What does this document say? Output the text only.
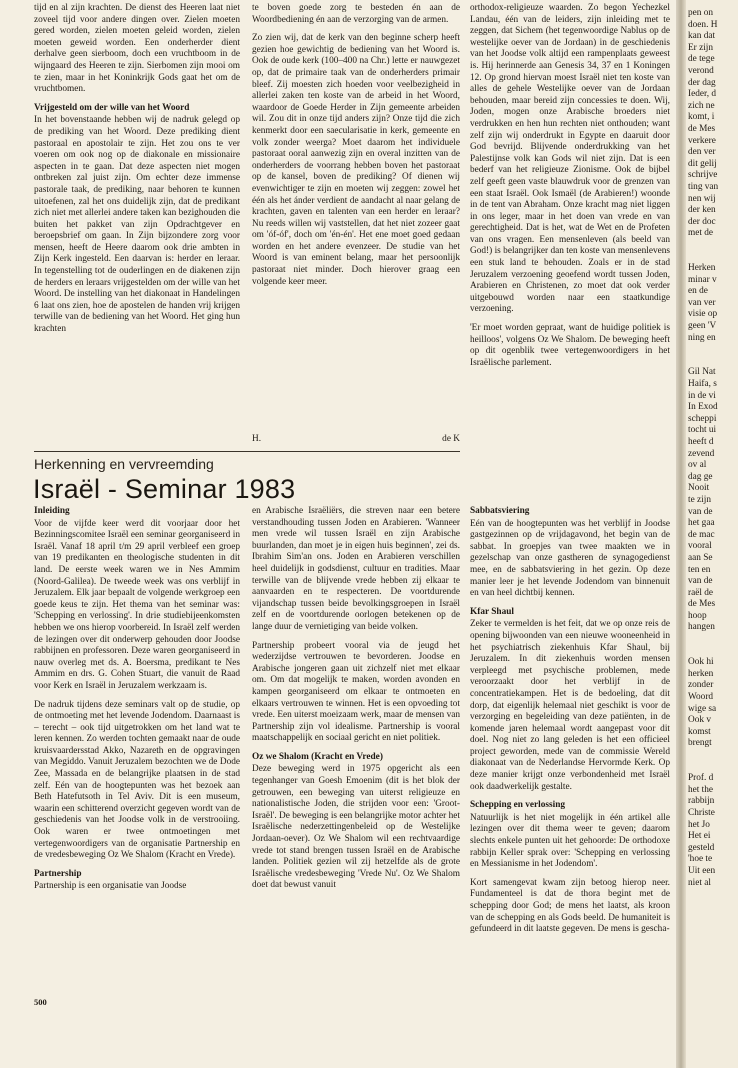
tijd en al zijn krachten. De dienst des Heeren laat niet zoveel tijd voor andere dingen over. Zielen moeten gered worden, zielen moeten geleid worden, zielen moeten geweid worden. Een onderherder dient derhalve geen sierboom, doch een vruchtboom in de wijngaard des Heeren te zijn. Sierbomen zijn mooi om te zien, maar in het Koninkrijk Gods gaat het om de vruchtbomen.

Vrijgesteld om der wille van het Woord

In het bovenstaande hebben wij de nadruk gelegd op de prediking van het Woord. Deze prediking dient pastoraal en apostolair te zijn. Het zou ons te ver voeren om ook nog op de diakonale en missionaire aspecten in te gaan. Dat deze aspecten niet mogen ontbreken zal juist zijn. Om echter deze immense pastorale taak, de prediking, naar behoren te kunnen uitoefenen, zal het ons duidelijk zijn, dat de predikant zich niet met allerlei andere taken kan bezighouden die buiten het pakket van zijn Opdrachtgever en beroepsbrief om gaan. In Zijn bijzondere zorg voor mensen, heeft de Heere daarom ook drie ambten in Zijn Kerk ingesteld. Een daarvan is: herder en leraar. In tegenstelling tot de ouderlingen en de diakenen zijn de herders en leraars vrijgestelden om der wille van het Woord. De instelling van het diakonaat in Handelingen 6 laat ons zien, hoe de apostelen de handen vrij krijgen terwille van de bediening van het Woord. Het ging hun krachten

te boven goede zorg te besteden én aan de Woordbediening én aan de verzorging van de armen.

Zo zien wij, dat de kerk van den beginne scherp heeft gezien hoe gewichtig de bediening van het Woord is. Ook de oude kerk (100–400 na Chr.) lette er nauwgezet op, dat de primaire taak van de onderherders primair bleef. Zij moesten zich hoeden voor veelbezigheid in allerlei zaken ten koste van de arbeid in het Woord, waardoor de Goede Herder in Zijn gemeente arbeiden wil. Zou dit in onze tijd anders zijn? Onze tijd die zich kenmerkt door een saecularisatie in kerk, gemeente en volk zonder weerga? Moet daarom het individuele pastoraat ooral aanwezig zijn en overal inzitten van de onderherders de voorrang hebben boven het pastoraat op de kansel, boven de prediking? Of dienen wij evenwichtiger te zijn en moeten wij zeggen: zowel het één als het ánder verdient de aandacht al naar gelang de krachten, gaven en talenten van een herder en leraar? Nu reeds willen wij vaststellen, dat het niet zozeer gaat om 'óf-óf', doch om 'én-én'. Het ene moet goed gedaan worden en het andere evenzeer. De studie van het Woord is van eminent belang, maar het persoonlijk pastoraat niet minder. Doch hierover graag een volgende keer meer.

H.	de K

orthodox-religieuze waarden. Zo begon Yechezkel Landau, één van de leiders, zijn inleiding met te zeggen, dat Sichem (het tegenwoordige Nablus op de westelijke oever van de Jordaan) in de geschiedenis van het Joodse volk altijd een rampenplaats geweest is. Hij herinnerde aan Genesis 34, 37 en 1 Koningen 12. Op grond hiervan moest Israël niet ten koste van alles de gehele Westelijke oever van de Jordaan behouden, maar bereid zijn concessies te doen. Wij, Joden, mogen onze Arabische broeders niet verdrukken en hen hun rechten niet onthouden; want zelf zijn wij onderdrukt in Egypte en daaruit door God bevrijd. Blijvende onderdrukking van het Palestijnse volk kan Gods wil niet zijn. Dat is een bederf van het religieuze Zionisme. Ook de bijbel zelf geeft geen vaste blauwdruk voor de grenzen van een staat Israël. Ook Ismaël (de Arabieren!) woonde in de tent van Abraham. Onze kracht mag niet liggen in ons leger, maar in het doen van vrede en van gerechtigheid. Dat is het, wat de Wet en de Profeten van ons vragen. Een mensenleven (als beeld van God!) is belangrijker dan ten koste van mensenlevens een stuk land te behouden. Zoals er in de stad Jeruzalem verzoening geoefend wordt tussen Joden, Arabieren en Christenen, zo moet dat ook verder uitgebouwd worden naar een staatkundige verzoening.

'Er moet worden gepraat, want de huidige politiek is heilloos', volgens Oz We Shalom. De beweging heeft op dit ogenblik twee vertegenwoordigers in het Israëlische parlement.

Herkenning en vervreemding
Israël - Seminar 1983
Inleiding

Voor de vijfde keer werd dit voorjaar door het Bezinningscomitee Israël een seminar georganiseerd in Israël. Vanaf 18 april t/m 29 april verbleef een groep van 19 predikanten en theologische studenten in dit land. De eerste week waren we in Nes Ammim (Noord-Galilea). De tweede week was ons verblijf in Jeruzalem. Elk jaar bepaalt de volgende werkgroep een goede keus te zijn. Het thema van het seminar was: 'Schepping en verlossing'. In drie studiebijeenkomsten hebben we ons hierop voorbereid. In Israël zelf werden de lezingen over dit onderwerp gehouden door Joodse rabbijnen en professoren. Deze waren georganiseerd in nauw overleg met ds. A. Boersma, predikant te Nes Ammim en drs. G. Cohen Stuart, die vanuit de Raad voor Kerk en Israël in Jeruzalem werkzaam is.

De nadruk tijdens deze seminars valt op de studie, op de ontmoeting met het levende Jodendom. Daarnaast is – terecht – ook tijd uitgetrokken om het land wat te leren kennen. Zo werden tochten gemaakt naar de oude kruisvaardersstad Akko, Nazareth en de opgravingen van Megiddo. Vanuit Jeruzalem bezochten we de Dode Zee, Massada en de belangrijke plaatsen in de stad zelf. Eén van de hoogtepunten was het bezoek aan Beth Hatefutsoth in Tel Aviv. Dit is een museum, waarin een schitterend overzicht gegeven wordt van de geschiedenis van het Joodse volk in de verstrooiing. Ook waren er twee ontmoetingen met vertegenwoordigers van de organisatie Partnership en de vredesbeweging Oz We Shalom (Kracht en Vrede).

Partnership

Partnership is een organisatie van Joodse

en Arabische Israëliërs, die streven naar een betere verstandhouding tussen Joden en Arabieren. 'Wanneer men vrede wil tussen Israël en zijn Arabische buurlanden, dan moet je in eigen huis beginnen', zei ds. Ibrahim Sim'an ons. Joden en Arabieren verschillen heel duidelijk in godsdienst, cultuur en tradities. Maar terwille van de blijvende vrede hebben zij elkaar te aanvaarden en te respecteren. De voortdurende vijandschap tussen beide bevolkingsgroepen in Israël zelf en de voortdurende oorlogen betekenen op de lange duur de vernietiging van beide volken.

Partnership probeert vooral via de jeugd het wederzijdse vertrouwen te bevorderen. Joodse en Arabische jongeren gaan uit zichzelf niet met elkaar om. Om dat mogelijk te maken, worden avonden en kampen georganiseerd om elkaar te ontmoeten en elkaars vertrouwen te winnen. Het is een opvoeding tot vrede. Een uiterst moeizaam werk, maar de mensen van Partnership zijn vol idealisme. Partnership is vooral maatschappelijk en sociaal gericht en niet politiek.

Oz we Shalom (Kracht en Vrede)

Deze beweging werd in 1975 opgericht als een tegenhanger van Goesh Emoenim (dit is het blok der getrouwen, een beweging van uiterst religieuze en nationalistische Joden, die strijden voor een: 'Groot-Israël'. De beweging is een belangrijke motor achter het Israëlische nederzettingenbeleid op de Westelijke Jordaan-oever). Oz We Shalom wil een rechtvaardige vrede tot stand brengen tussen Israël en de Arabische landen. Politiek gezien wil zij hetzelfde als de grote Israëlische vredesbeweging 'Vrede Nu'. Oz We Shalom doet dat bewust vanuit

Sabbatsviering

Eén van de hoogtepunten was het verblijf in Joodse gastgezinnen op de vrijdagavond, het begin van de sabbat. In groepjes van twee maakten we in gezelschap van onze gastheren de synagogedienst mee, en de sabbatsviering in het gezin. Op deze manier leer je het levende Jodendom van binnenuit en van heel dichtbij kennen.

Kfar Shaul

Zeker te vermelden is het feit, dat we op onze reis de opening bijwoonden van een nieuwe wooneenheid in het psychiatrisch ziekenhuis Kfar Shaul, bij Jeruzalem. In dit ziekenhuis worden mensen verpleegd met psychische problemen, mede veroorzaakt door het verblijf in de concentratiekampen. Het is de bedoeling, dat dit dorp, dat eigenlijk helemaal niet geschikt is voor de verzorging en begeleiding van deze patiënten, in de komende jaren helemaal wordt aangepast voor dit doel. Nog niet zo lang geleden is het een officieel project geworden, mede van de commissie Wereld diakonaat van de Nederlandse Hervormde Kerk. Op deze manier krijgt onze verbondenheid met Israël ook daadwerkelijk gestalte.

Schepping en verlossing

Natuurlijk is het niet mogelijk in één artikel alle lezingen over dit thema weer te geven; daarom slechts enkele punten uit het gehoorde: De orthodoxe rabbijn Keller sprak over: 'Schepping en verlossing en Messianisme in het Jodendom'.

Kort samengevat kwam zijn betoog hierop neer. Fundamenteel is dat de thora begint met de schepping door God; de mens het laatst, als kroon van de schepping en als Gods beeld. De humaniteit is gefundeerd in dit laatste gegeven. De mens is gescha-

500
pen on
doen. H
kan dat
Er zijn
de tege
verond
der dag
Ieder, d
zich ne
komt, i
de Mes
verkere
den ver
dit gelij
schrijve
ting van
nen wij
der ken
der doc
met de
Herken
minar v
en de
van ver
visie op
geen 'V
ning en
Gil Nat
Haifa, s
in de vi
In Exod
scheppi
tocht ui
heeft d
zevend
ov al
dag ge
Nooit
te zijn
van de
het gaa
de mac
vooral
aan Se
ten en
van de
raël de
de Mes
hoop
hangen
Ook hi
herken
zonder
Woord
wige sa
Ook v
komst
brengt
Prof. d
het the
rabbijn
Christe
het Jo
Het ei
gesteld
'hoe te
Uit een
niet al
